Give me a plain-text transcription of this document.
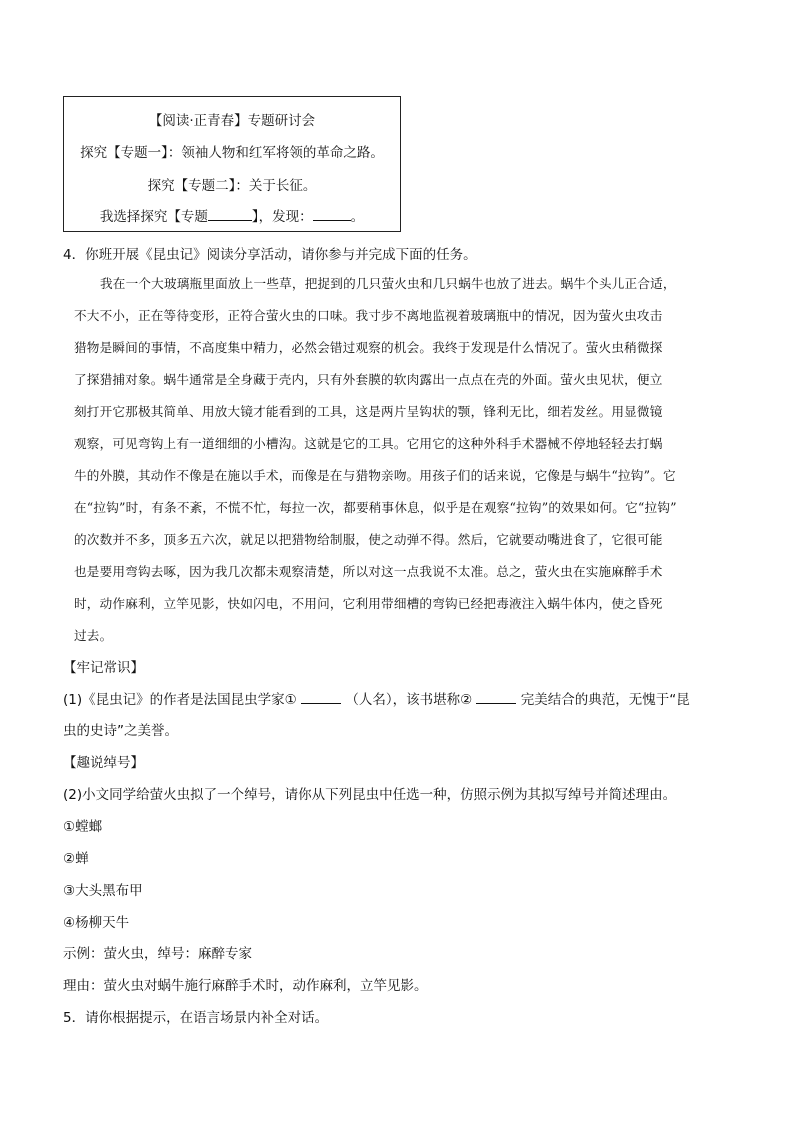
【阅读·正青春】专题研讨会
探究【专题一】：领袖人物和红军将领的革命之路。
探究【专题二】：关于长征。
我选择探究【专题	】，发现：	。
4．你班开展《昆虫记》阅读分享活动，请你参与并完成下面的任务。
我在一个大玻璃瓶里面放上一些草，把捉到的几只萤火虫和几只蜗牛也放了进去。蜗牛个头儿正合适，
不大不小，正在等待变形，正符合萤火虫的口味。我寸步不离地监视着玻璃瓶中的情况，因为萤火虫攻击
猎物是瞬间的事情，不高度集中精力，必然会错过观察的机会。我终于发现是什么情况了。萤火虫稍微探
了探猎捕对象。蜗牛通常是全身藏于壳内，只有外套膜的软肉露出一点点在壳的外面。萤火虫见状，便立
刻打开它那极其简单、用放大镜才能看到的工具，这是两片呈钩状的颚，锋利无比，细若发丝。用显微镜
观察，可见弯钩上有一道细细的小槽沟。这就是它的工具。它用它的这种外科手术器械不停地轻轻去打蜗
牛的外膜，其动作不像是在施以手术，而像是在与猎物亲吻。用孩子们的话来说，它像是与蜗牛“拉钩”。它
在“拉钩”时，有条不紊，不慌不忙，每拉一次，都要稍事休息，似乎是在观察“拉钩”的效果如何。它“拉钩”
的次数并不多，顶多五六次，就足以把猎物给制服，使之动弹不得。然后，它就要动嘴进食了，它很可能
也是要用弯钩去啄，因为我几次都未观察清楚，所以对这一点我说不太准。总之，萤火虫在实施麻醉手术
时，动作麻利，立竿见影，快如闪电，不用问，它利用带细槽的弯钩已经把毒液注入蜗牛体内，使之昏死
过去。
【牢记常识】
(1)《昆虫记》的作者是法国昆虫学家①	（人名），该书堪称②	完美结合的典范，无愧于“昆
虫的史诗”之美誉。
【趣说绰号】
(2)小文同学给萤火虫拟了一个绰号，请你从下列昆虫中任选一种，仿照示例为其拟写绰号并简述理由。
①螳螂
②蝉
③大头黑布甲
④杨柳天牛
示例：萤火虫，绰号：麻醉专家
理由：萤火虫对蜗牛施行麻醉手术时，动作麻利，立竿见影。
5．请你根据提示，在语言场景内补全对话。
